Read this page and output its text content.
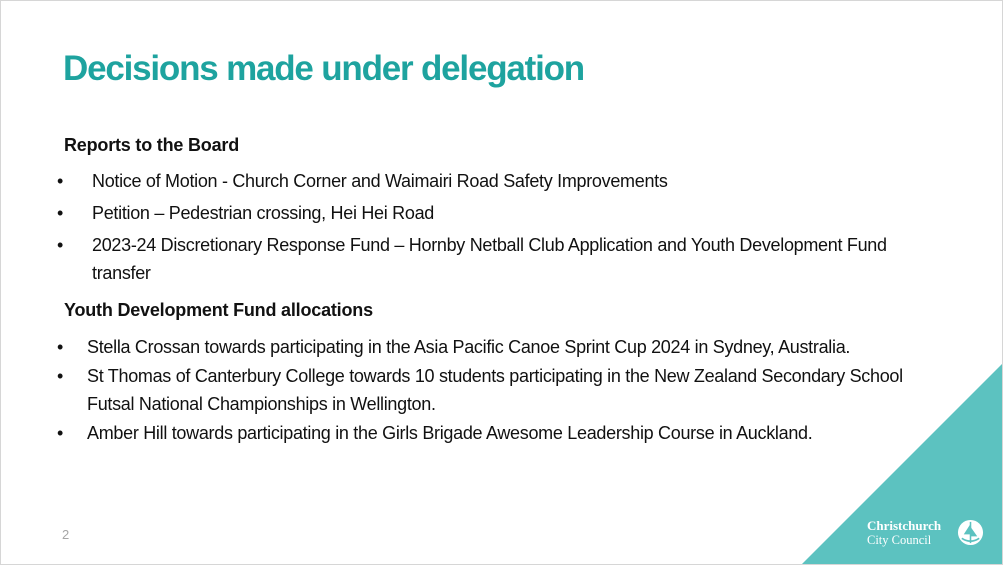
Decisions made under delegation
Reports to the Board
• Notice of Motion - Church Corner and Waimairi Road Safety Improvements
• Petition – Pedestrian crossing, Hei Hei Road
• 2023-24 Discretionary Response Fund – Hornby Netball Club Application and Youth Development Fund transfer
Youth Development Fund allocations
• Stella Crossan towards participating in the Asia Pacific Canoe Sprint Cup 2024 in Sydney, Australia.
• St Thomas of Canterbury College towards 10 students participating in the New Zealand Secondary School Futsal National Championships in Wellington.
• Amber Hill towards participating in the Girls Brigade Awesome Leadership Course in Auckland.
2
Christchurch
City Council
